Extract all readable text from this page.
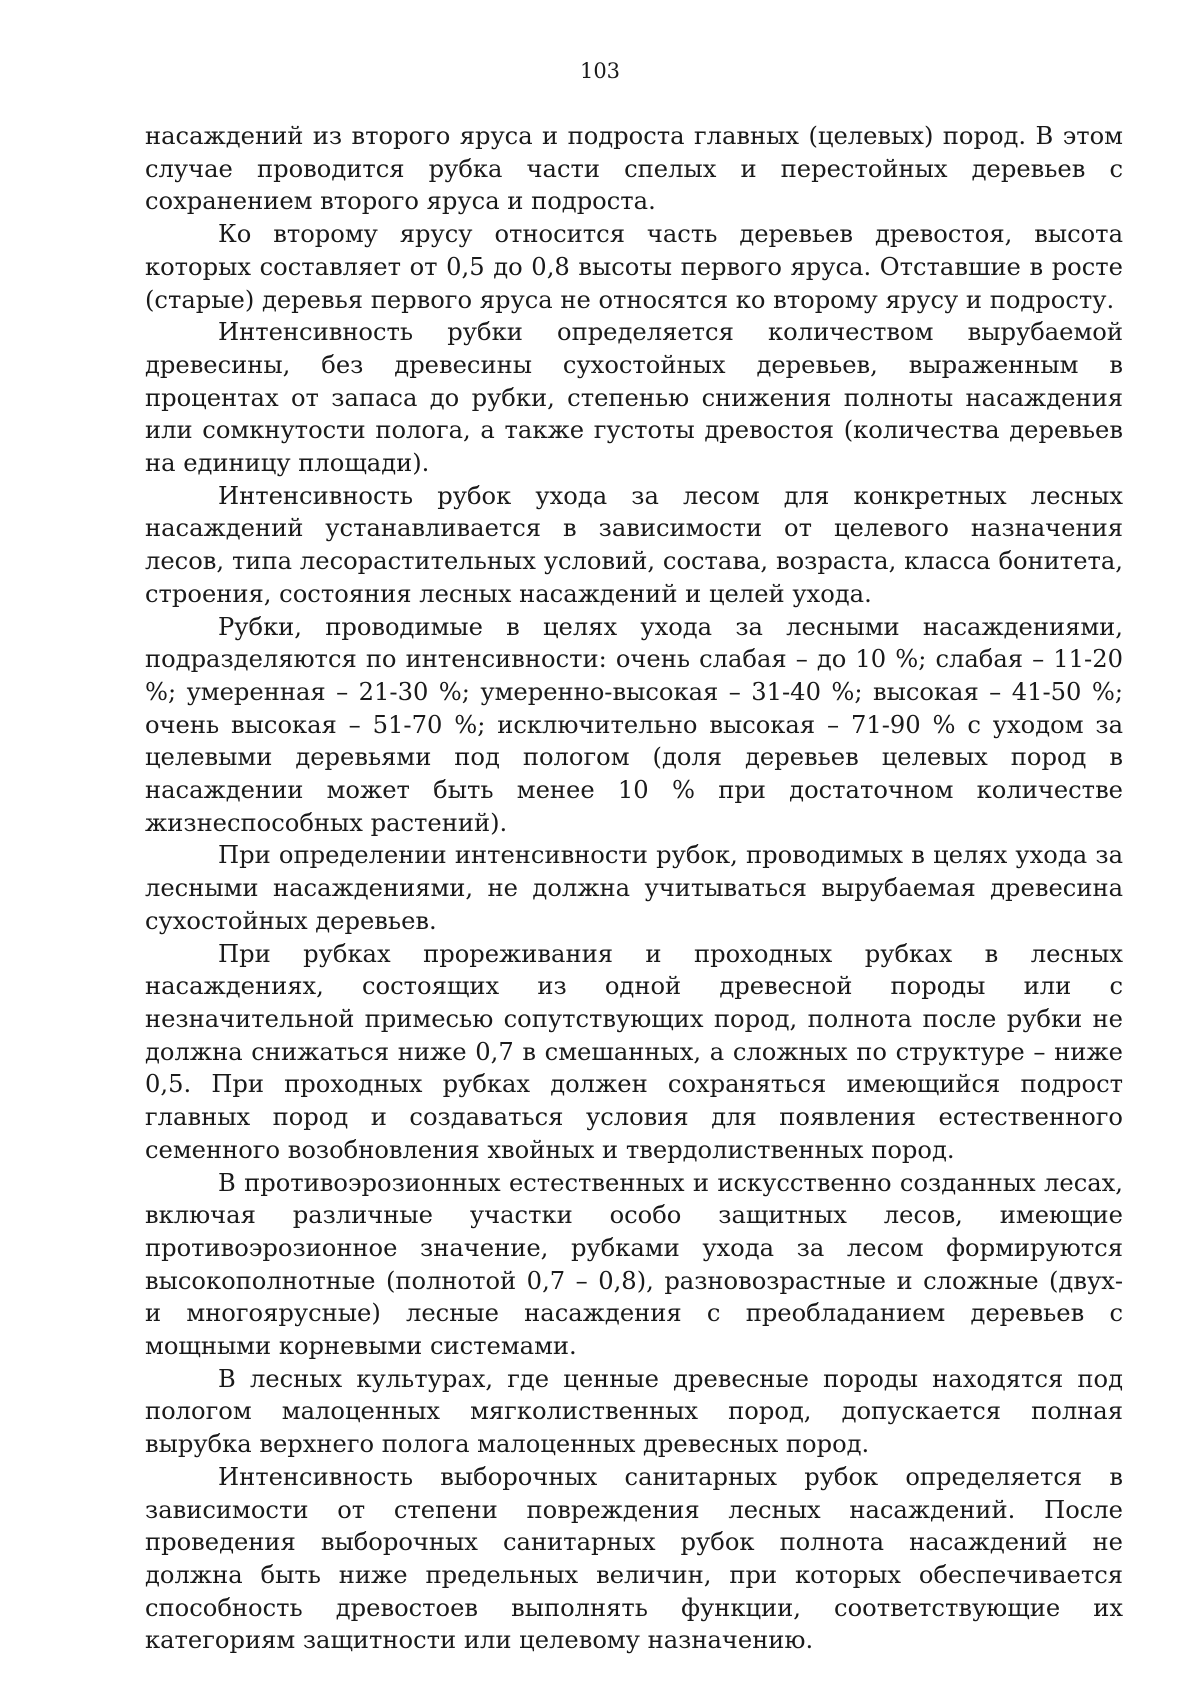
103

насаждений из второго яруса и подроста главных (целевых) пород. В этом случае проводится рубка части спелых и перестойных деревьев с сохранением второго яруса и подроста.

Ко второму ярусу относится часть деревьев древостоя, высота которых составляет от 0,5 до 0,8 высоты первого яруса. Отставшие в росте (старые) деревья первого яруса не относятся ко второму ярусу и подросту.

Интенсивность рубки определяется количеством вырубаемой древесины, без древесины сухостойных деревьев, выраженным в процентах от запаса до рубки, степенью снижения полноты насаждения или сомкнутости полога, а также густоты древостоя (количества деревьев на единицу площади).

Интенсивность рубок ухода за лесом для конкретных лесных насаждений устанавливается в зависимости от целевого назначения лесов, типа лесорастительных условий, состава, возраста, класса бонитета, строения, состояния лесных насаждений и целей ухода.

Рубки, проводимые в целях ухода за лесными насаждениями, подразделяются по интенсивности: очень слабая – до 10 %; слабая – 11-20 %; умеренная – 21-30 %; умеренно-высокая – 31-40 %; высокая – 41-50 %; очень высокая – 51-70 %; исключительно высокая – 71-90 % с уходом за целевыми деревьями под пологом (доля деревьев целевых пород в насаждении может быть менее 10 % при достаточном количестве жизнеспособных растений).

При определении интенсивности рубок, проводимых в целях ухода за лесными насаждениями, не должна учитываться вырубаемая древесина сухостойных деревьев.

При рубках прореживания и проходных рубках в лесных насаждениях, состоящих из одной древесной породы или с незначительной примесью сопутствующих пород, полнота после рубки не должна снижаться ниже 0,7 в смешанных, а сложных по структуре – ниже 0,5. При проходных рубках должен сохраняться имеющийся подрост главных пород и создаваться условия для появления естественного семенного возобновления хвойных и твердолиственных пород.

В противоэрозионных естественных и искусственно созданных лесах, включая различные участки особо защитных лесов, имеющие противоэрозионное значение, рубками ухода за лесом формируются высокополнотные (полнотой 0,7 – 0,8), разновозрастные и сложные (двух- и многоярусные) лесные насаждения с преобладанием деревьев с мощными корневыми системами.

В лесных культурах, где ценные древесные породы находятся под пологом малоценных мягколиственных пород, допускается полная вырубка верхнего полога малоценных древесных пород.

Интенсивность выборочных санитарных рубок определяется в зависимости от степени повреждения лесных насаждений. После проведения выборочных санитарных рубок полнота насаждений не должна быть ниже предельных величин, при которых обеспечивается способность древостоев выполнять функции, соответствующие их категориям защитности или целевому назначению.
